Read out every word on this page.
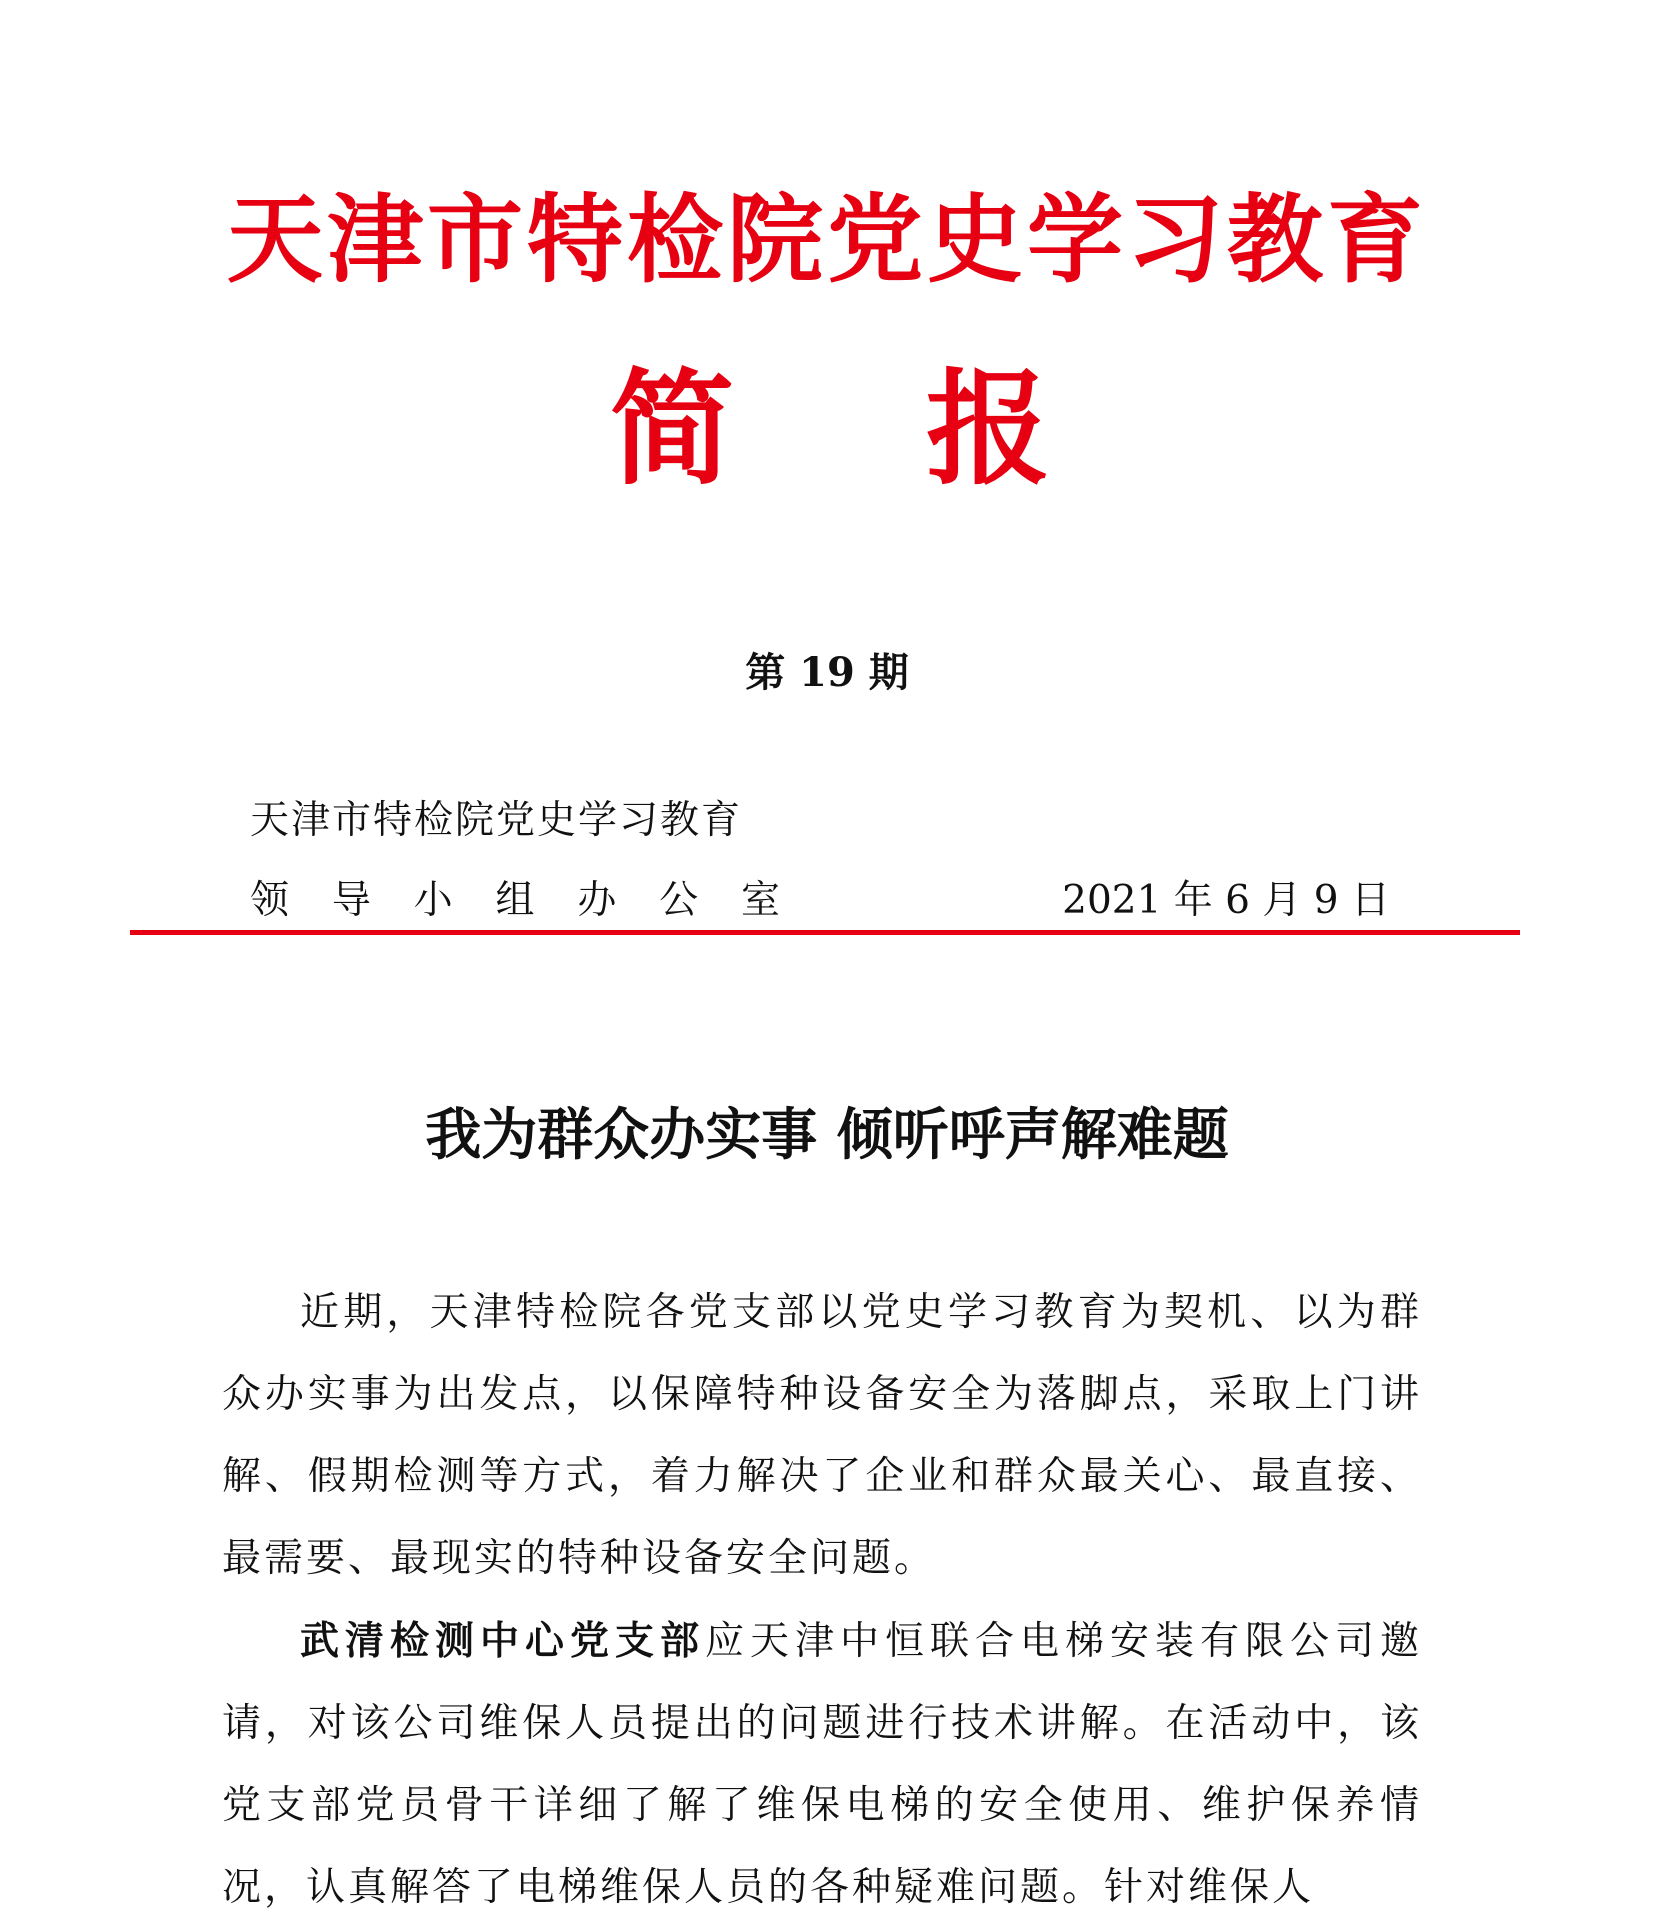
天津市特检院党史学习教育
简 报
第 19 期
天津市特检院党史学习教育
领 导 小 组 办 公 室	2021 年 6 月 9 日
我为群众办实事 倾听呼声解难题

近期，天津特检院各党支部以党史学习教育为契机、以为群众办实事为出发点，以保障特种设备安全为落脚点，采取上门讲解、假期检测等方式，着力解决了企业和群众最关心、最直接、最需要、最现实的特种设备安全问题。

武清检测中心党支部应天津中恒联合电梯安装有限公司邀请，对该公司维保人员提出的问题进行技术讲解。在活动中，该党支部党员骨干详细了解了维保电梯的安全使用、维护保养情况，认真解答了电梯维保人员的各种疑难问题。针对维保人
